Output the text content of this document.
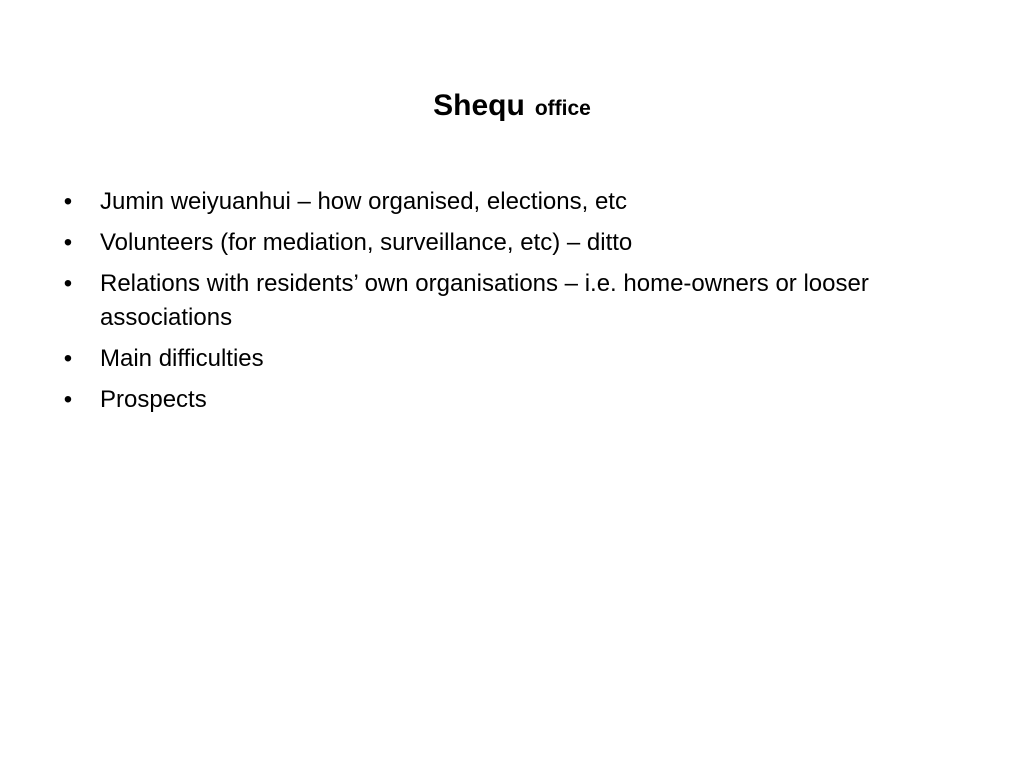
Shequ office
• Jumin weiyuanhui – how organised, elections, etc
• Volunteers (for mediation, surveillance, etc) – ditto
• Relations with residents’ own organisations – i.e. home-owners or looser associations
• Main difficulties
• Prospects
